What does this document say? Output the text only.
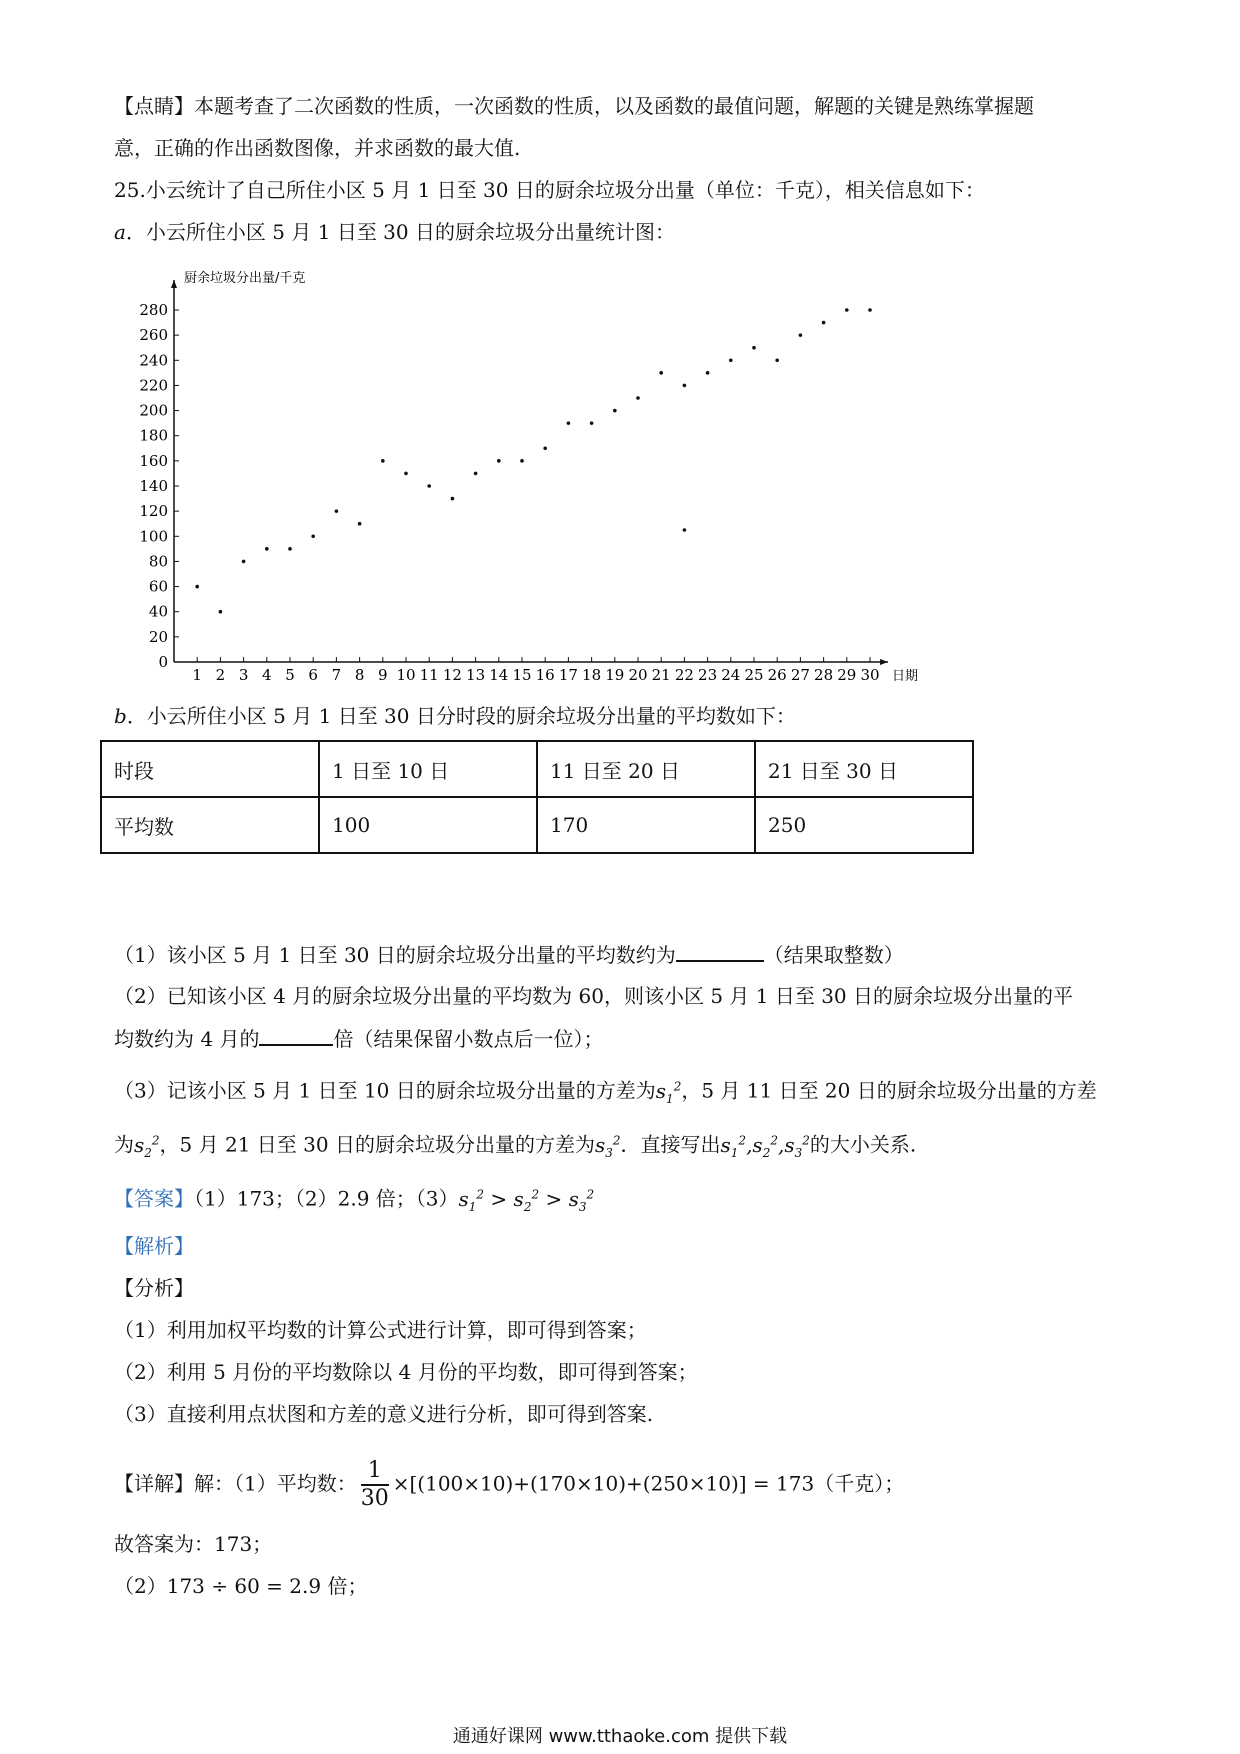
【点睛】本题考查了二次函数的性质，一次函数的性质，以及函数的最值问题，解题的关键是熟练掌握题
意，正确的作出函数图像，并求函数的最大值.
25.小云统计了自己所住小区 5 月 1 日至 30 日的厨余垃圾分出量（单位：千克），相关信息如下：
a．小云所住小区 5 月 1 日至 30 日的厨余垃圾分出量统计图：
厨余垃圾分出量/千克
日期
0
20
40
60
80
100
120
140
160
180
200
220
240
260
280
1 2 3 4 5 6 7 8 9 10 11 12 13 14 15 16 17 18 19 20 21 22 23 24 25 26 27 28 29 30
b．小云所住小区 5 月 1 日至 30 日分时段的厨余垃圾分出量的平均数如下：
时段	1 日至 10 日	11 日至 20 日	21 日至 30 日
平均数	100	170	250
（1）该小区 5 月 1 日至 30 日的厨余垃圾分出量的平均数约为	（结果取整数）
（2）已知该小区 4 月的厨余垃圾分出量的平均数为 60，则该小区 5 月 1 日至 30 日的厨余垃圾分出量的平
均数约为 4 月的	倍（结果保留小数点后一位）；
（3）记该小区 5 月 1 日至 10 日的厨余垃圾分出量的方差为$s_1^2$，5 月 11 日至 20 日的厨余垃圾分出量的方差
为$s_2^2$，5 月 21 日至 30 日的厨余垃圾分出量的方差为$s_3^2$．直接写出$s_1^2,s_2^2,s_3^2$的大小关系.
【答案】（1）173；（2）2.9 倍；$(3)s_1^2 > s_2^2 > s_3^2$
【解析】
【分析】
（1）利用加权平均数的计算公式进行计算，即可得到答案；
（2）利用 5 月份的平均数除以 4 月份的平均数，即可得到答案；
（3）直接利用点状图和方差的意义进行分析，即可得到答案.
【详解】解：（1）平均数： $\frac{1}{30} \times[(100\times 10)+(170\times 10)+(250\times 10)] = 173$（千克）；
故答案为：173；
（2）173 ÷ 60 = 2.9 倍；
通通好课网 www.tthaoke.com 提供下载
